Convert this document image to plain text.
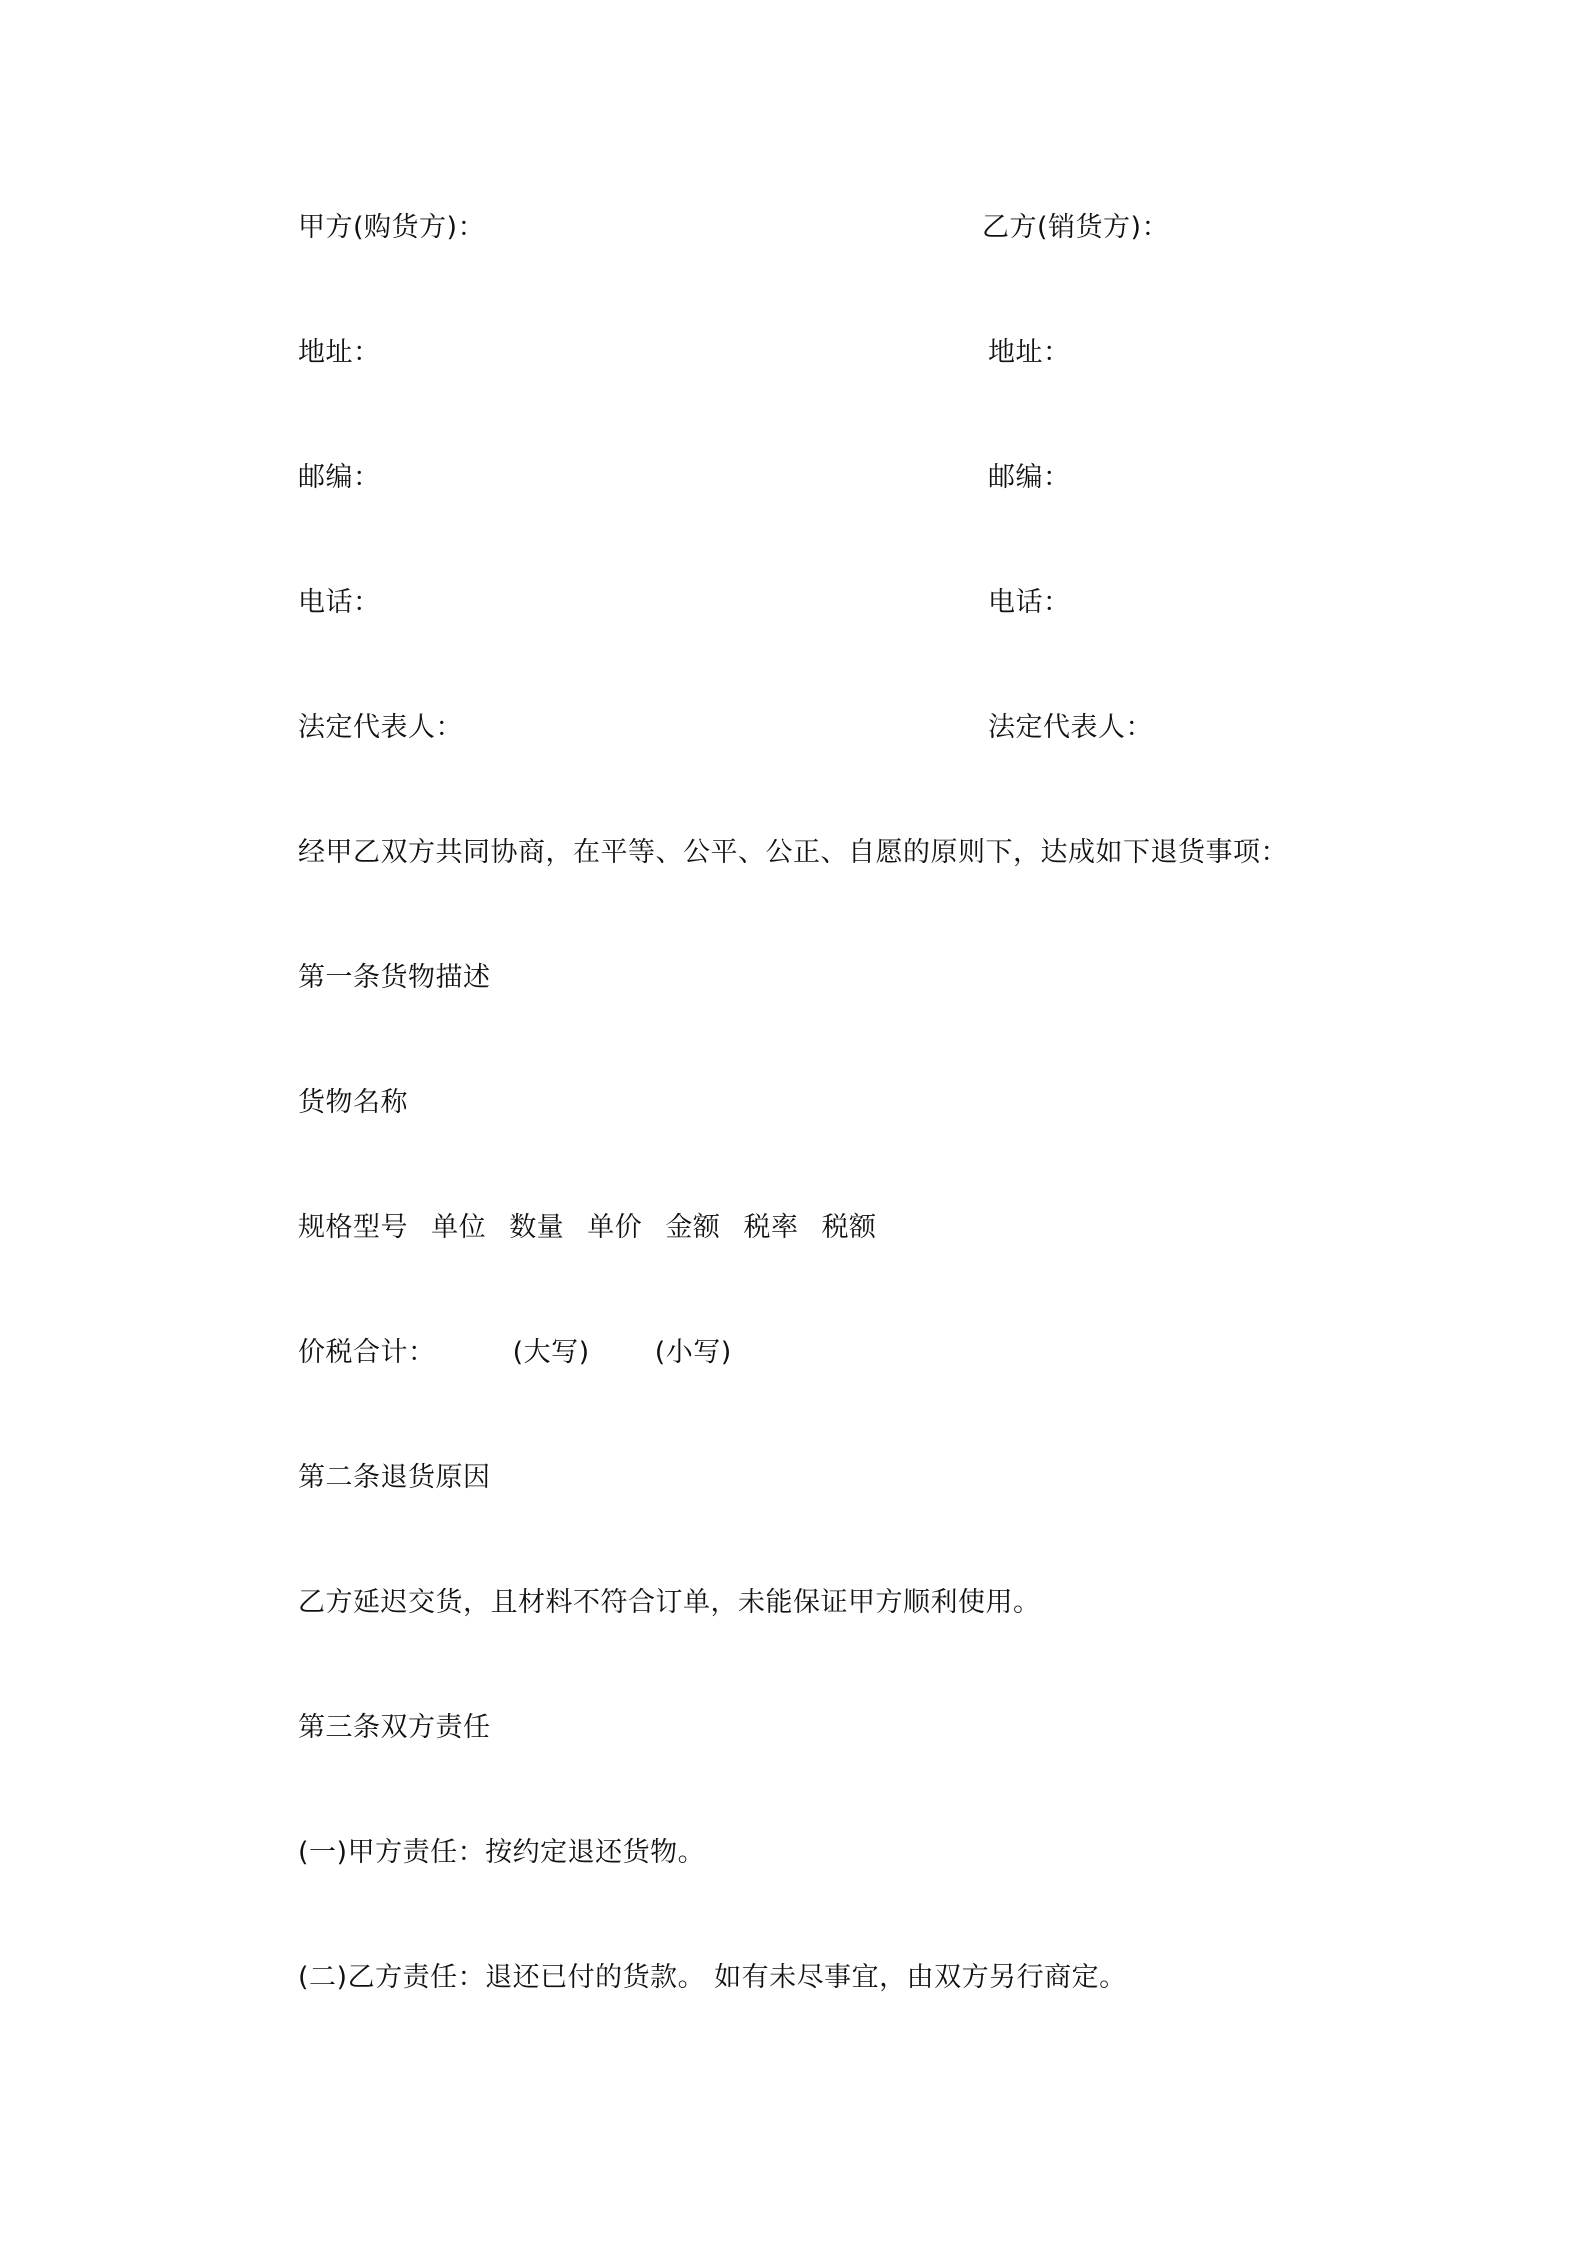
甲方(购货方)：	乙方(销货方)：
地址：	地址：
邮编：	邮编：
电话：	电话：
法定代表人：	法定代表人：
经甲乙双方共同协商，在平等、公平、公正、自愿的原则下，达成如下退货事项：
第一条货物描述
货物名称
规格型号 单位 数量 单价 金额 税率 税额
价税合计：	(大写) (小写)
第二条退货原因
乙方延迟交货，且材料不符合订单，未能保证甲方顺利使用。
第三条双方责任
(一)甲方责任：按约定退还货物。
(二)乙方责任：退还已付的货款。 如有未尽事宜，由双方另行商定。
